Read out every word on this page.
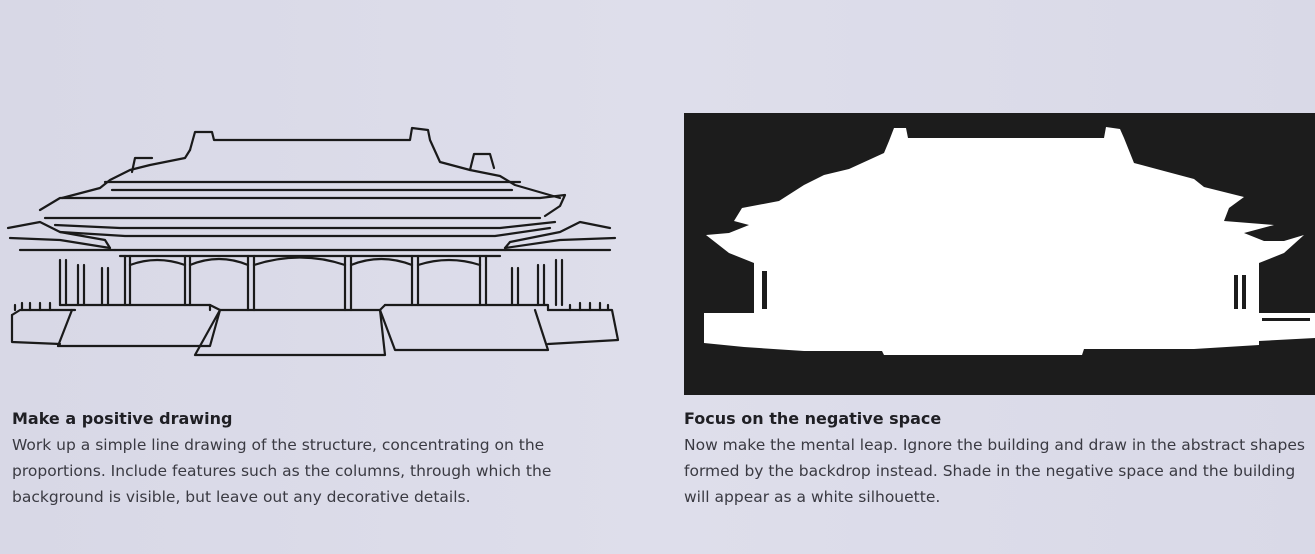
Make a positive drawing

Work up a simple line drawing of the structure, concentrating on the proportions. Include features such as the columns, through which the background is visible, but leave out any decorative details.

Focus on the negative space

Now make the mental leap. Ignore the building and draw in the abstract shapes formed by the backdrop instead. Shade in the negative space and the building will appear as a white silhouette.
